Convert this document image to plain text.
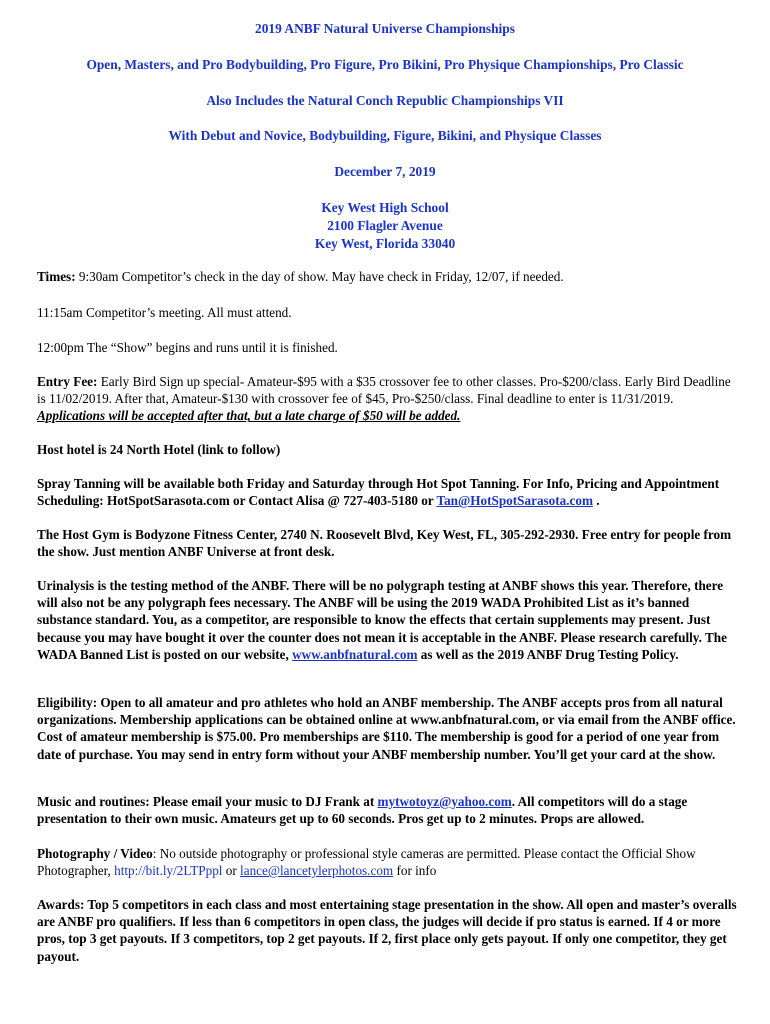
2019 ANBF Natural Universe Championships
Open, Masters, and Pro Bodybuilding, Pro Figure, Pro Bikini, Pro Physique Championships, Pro Classic
Also Includes the Natural Conch Republic Championships VII
With Debut and Novice, Bodybuilding, Figure, Bikini, and Physique Classes
December 7, 2019
Key West High School
2100 Flagler Avenue
Key West, Florida 33040
Times: 9:30am Competitor’s check in the day of show. May have check in Friday, 12/07, if needed.
11:15am Competitor’s meeting. All must attend.
12:00pm The “Show” begins and runs until it is finished.
Entry Fee: Early Bird Sign up special- Amateur-$95 with a $35 crossover fee to other classes. Pro-$200/class. Early Bird Deadline is 11/02/2019. After that, Amateur-$130 with crossover fee of $45, Pro-$250/class. Final deadline to enter is 11/31/2019. Applications will be accepted after that, but a late charge of $50 will be added.
Host hotel is 24 North Hotel (link to follow)
Spray Tanning will be available both Friday and Saturday through Hot Spot Tanning. For Info, Pricing and Appointment Scheduling: HotSpotSarasota.com or Contact Alisa @ 727-403-5180 or Tan@HotSpotSarasota.com .
The Host Gym is Bodyzone Fitness Center, 2740 N. Roosevelt Blvd, Key West, FL, 305-292-2930. Free entry for people from the show. Just mention ANBF Universe at front desk.
Urinalysis is the testing method of the ANBF. There will be no polygraph testing at ANBF shows this year. Therefore, there will also not be any polygraph fees necessary. The ANBF will be using the 2019 WADA Prohibited List as it’s banned substance standard. You, as a competitor, are responsible to know the effects that certain supplements may present. Just because you may have bought it over the counter does not mean it is acceptable in the ANBF. Please research carefully. The WADA Banned List is posted on our website, www.anbfnatural.com as well as the 2019 ANBF Drug Testing Policy.
Eligibility: Open to all amateur and pro athletes who hold an ANBF membership. The ANBF accepts pros from all natural organizations. Membership applications can be obtained online at www.anbfnatural.com, or via email from the ANBF office. Cost of amateur membership is $75.00. Pro memberships are $110. The membership is good for a period of one year from date of purchase. You may send in entry form without your ANBF membership number. You’ll get your card at the show.
Music and routines: Please email your music to DJ Frank at mytwotoyz@yahoo.com. All competitors will do a stage presentation to their own music. Amateurs get up to 60 seconds. Pros get up to 2 minutes. Props are allowed.
Photography / Video: No outside photography or professional style cameras are permitted. Please contact the Official Show Photographer, http://bit.ly/2LTPppl or lance@lancetylerphotos.com for info
Awards: Top 5 competitors in each class and most entertaining stage presentation in the show. All open and master’s overalls are ANBF pro qualifiers. If less than 6 competitors in open class, the judges will decide if pro status is earned. If 4 or more pros, top 3 get payouts. If 3 competitors, top 2 get payouts. If 2, first place only gets payout. If only one competitor, they get payout.
